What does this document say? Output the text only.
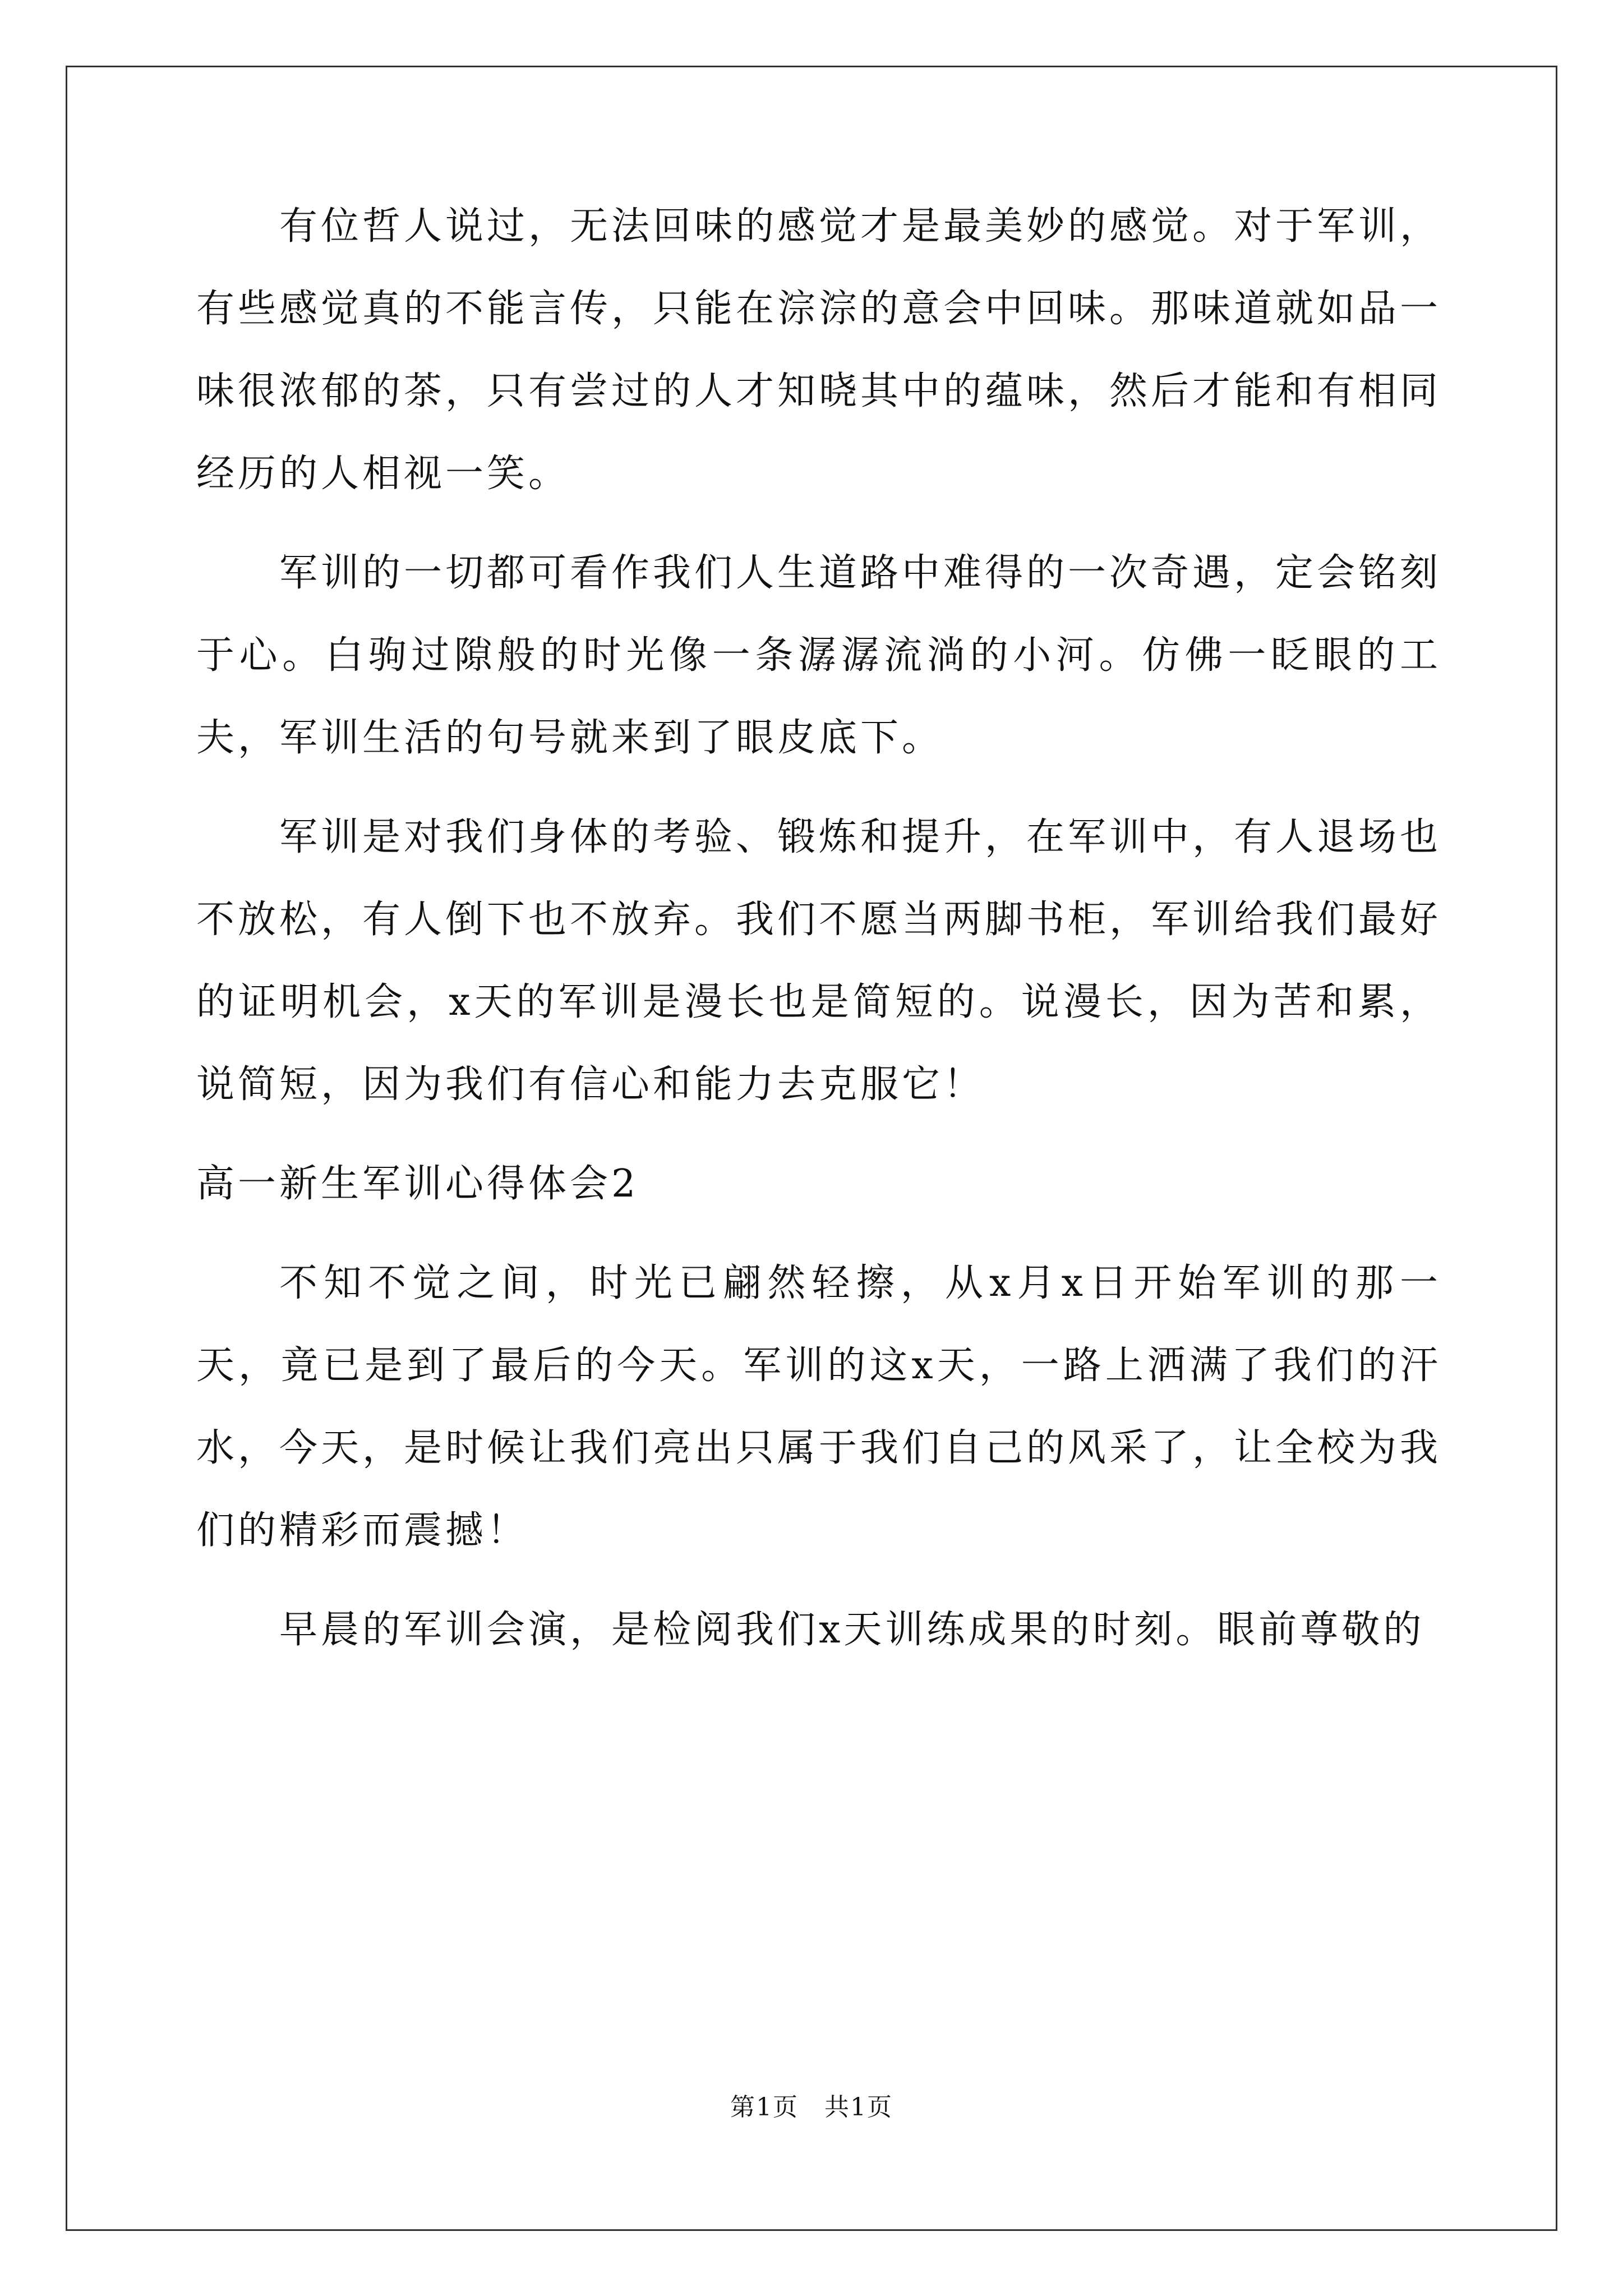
有位哲人说过，无法回味的感觉才是最美妙的感觉。对于军训，有些感觉真的不能言传，只能在淙淙的意会中回味。那味道就如品一味很浓郁的茶，只有尝过的人才知晓其中的蕴味，然后才能和有相同经历的人相视一笑。

军训的一切都可看作我们人生道路中难得的一次奇遇，定会铭刻于心。白驹过隙般的时光像一条潺潺流淌的小河。仿佛一眨眼的工夫，军训生活的句号就来到了眼皮底下。

军训是对我们身体的考验、锻炼和提升，在军训中，有人退场也不放松，有人倒下也不放弃。我们不愿当两脚书柜，军训给我们最好的证明机会，x天的军训是漫长也是简短的。说漫长，因为苦和累，说简短，因为我们有信心和能力去克服它！

高一新生军训心得体会2

不知不觉之间，时光已翩然轻擦，从x月x日开始军训的那一天，竟已是到了最后的今天。军训的这x天，一路上洒满了我们的汗水，今天，是时候让我们亮出只属于我们自己的风采了，让全校为我们的精彩而震撼！

早晨的军训会演，是检阅我们x天训练成果的时刻。眼前尊敬的

第1页　共1页
